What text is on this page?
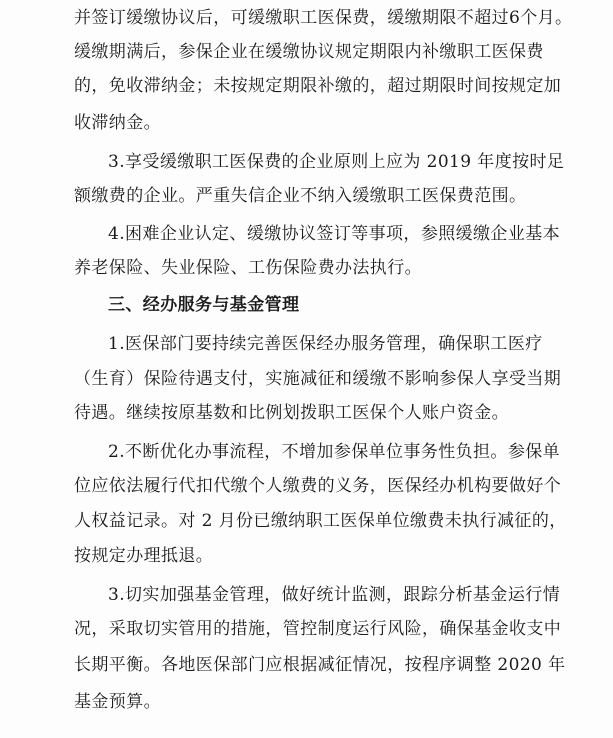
并签订缓缴协议后，可缓缴职工医保费，缓缴期限不超过6个月。
缓缴期满后，参保企业在缓缴协议规定期限内补缴职工医保费
的，免收滞纳金；未按规定期限补缴的，超过期限时间按规定加
收滞纳金。
3.享受缓缴职工医保费的企业原则上应为 2019 年度按时足
额缴费的企业。严重失信企业不纳入缓缴职工医保费范围。
4.困难企业认定、缓缴协议签订等事项，参照缓缴企业基本
养老保险、失业保险、工伤保险费办法执行。
三、经办服务与基金管理
1.医保部门要持续完善医保经办服务管理，确保职工医疗
（生育）保险待遇支付，实施减征和缓缴不影响参保人享受当期
待遇。继续按原基数和比例划拨职工医保个人账户资金。
2.不断优化办事流程，不增加参保单位事务性负担。参保单
位应依法履行代扣代缴个人缴费的义务，医保经办机构要做好个
人权益记录。对 2 月份已缴纳职工医保单位缴费未执行减征的，
按规定办理抵退。
3.切实加强基金管理，做好统计监测，跟踪分析基金运行情
况，采取切实管用的措施，管控制度运行风险，确保基金收支中
长期平衡。各地医保部门应根据减征情况，按程序调整 2020 年
基金预算。
